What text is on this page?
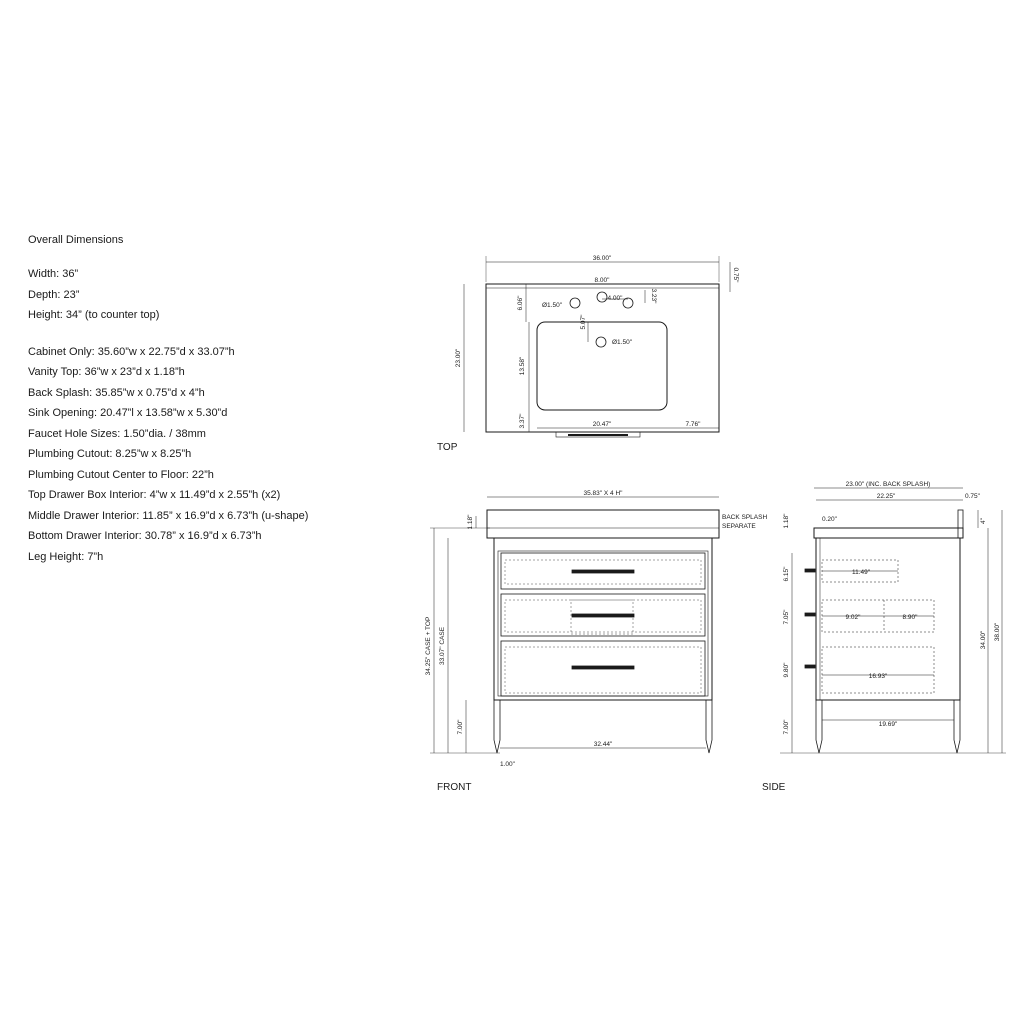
Overall Dimensions
Width: 36”
Depth: 23”
Height: 34” (to counter top)
Cabinet Only: 35.60”w x 22.75”d x 33.07”h
Vanity Top: 36”w x 23”d x 1.18”h
Back Splash: 35.85”w x 0.75”d x 4”h
Sink Opening: 20.47”l x 13.58”w x 5.30”d
Faucet Hole Sizes: 1.50”dia. / 38mm
Plumbing Cutout: 8.25”w x 8.25”h
Plumbing Cutout Center to Floor: 22”h
Top Drawer Box Interior: 4”w x 11.49”d x 2.55”h (x2)
Middle Drawer Interior: 11.85” x 16.9”d x 6.73”h (u-shape)
Bottom Drawer Interior: 30.78” x 16.9”d x 6.73”h
Leg Height: 7”h
36.00"
8.00"
4.00"	3.23"
6.06"	Ø1.50"
5.07"
Ø1.50"
23.00"	13.58"
3.37"	20.47"	7.76"
0.75"
TOP
35.83" X 4 H"
BACK SPLASH
SEPARATE
1.18"
34.25" CASE + TOP 33.07" CASE
7.00"
1.00"
32.44"
FRONT
23.00" (INC. BACK SPLASH)
22.25"	0.75"
0.20"
1.18"	4"
6.15"
7.05"
9.80"
7.00"
11.49"
9.02"	8.90"
16.93"
19.69"
34.00" 38.00"
SIDE
